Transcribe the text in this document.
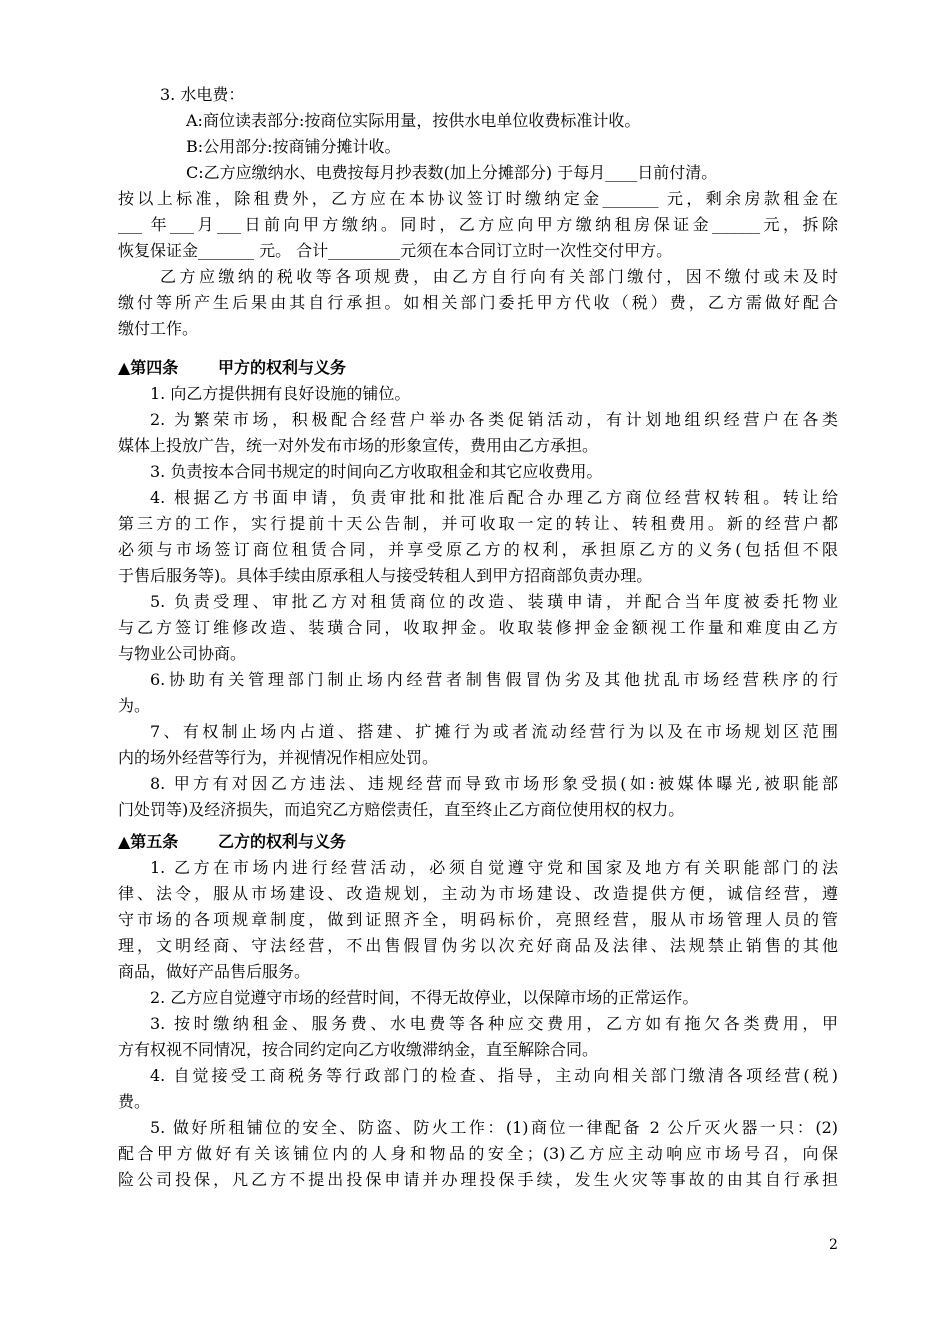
2
3. 水电费：
A:商位读表部分:按商位实际用量，按供水电单位收费标准计收。
B:公用部分:按商铺分摊计收。
C:乙方应缴纳水、电费按每月抄表数(加上分摊部分) 于每月____日前付清。
按以上标准，除租费外，乙方应在本协议签订时缴纳定金_______ 元，剩余房款租金在
___ 年___月___日前向甲方缴纳。同时，乙方应向甲方缴纳租房保证金______元，拆除
恢复保证金_______ 元。 合计_________元须在本合同订立时一次性交付甲方。
乙方应缴纳的税收等各项规费，由乙方自行向有关部门缴付，因不缴付或未及时
缴付等所产生后果由其自行承担。如相关部门委托甲方代收（税）费，乙方需做好配合
缴付工作。
▲第四条 甲方的权利与义务
1. 向乙方提供拥有良好设施的铺位。
2. 为繁荣市场，积极配合经营户举办各类促销活动，有计划地组织经营户在各类
媒体上投放广告，统一对外发布市场的形象宣传，费用由乙方承担。
3. 负责按本合同书规定的时间向乙方收取租金和其它应收费用。
4. 根据乙方书面申请，负责审批和批准后配合办理乙方商位经营权转租。转让给
第三方的工作，实行提前十天公告制，并可收取一定的转让、转租费用。新的经营户都
必须与市场签订商位租赁合同，并享受原乙方的权利，承担原乙方的义务(包括但不限
于售后服务等)。具体手续由原承租人与接受转租人到甲方招商部负责办理。
5. 负责受理、审批乙方对租赁商位的改造、装璜申请，并配合当年度被委托物业
与乙方签订维修改造、装璜合同，收取押金。收取装修押金金额视工作量和难度由乙方
与物业公司协商。
6.协助有关管理部门制止场内经营者制售假冒伪劣及其他扰乱市场经营秩序的行
为。
7、有权制止场内占道、搭建、扩摊行为或者流动经营行为以及在市场规划区范围
内的场外经营等行为，并视情况作相应处罚。
8. 甲方有对因乙方违法、违规经营而导致市场形象受损(如:被媒体曝光,被职能部
门处罚等)及经济损失，而追究乙方赔偿责任，直至终止乙方商位使用权的权力。
▲第五条 乙方的权利与义务
1. 乙方在市场内进行经营活动，必须自觉遵守党和国家及地方有关职能部门的法
律、法令，服从市场建设、改造规划，主动为市场建设、改造提供方便，诚信经营，遵
守市场的各项规章制度，做到证照齐全，明码标价，亮照经营，服从市场管理人员的管
理，文明经商、守法经营，不出售假冒伪劣以次充好商品及法律、法规禁止销售的其他
商品，做好产品售后服务。
2. 乙方应自觉遵守市场的经营时间，不得无故停业，以保障市场的正常运作。
3. 按时缴纳租金、服务费、水电费等各种应交费用，乙方如有拖欠各类费用，甲
方有权视不同情况，按合同约定向乙方收缴滞纳金，直至解除合同。
4. 自觉接受工商税务等行政部门的检查、指导，主动向相关部门缴清各项经营(税)
费。
5. 做好所租铺位的安全、防盗、防火工作：(1)商位一律配备 2 公斤灭火器一只：(2)
配合甲方做好有关该铺位内的人身和物品的安全；(3)乙方应主动响应市场号召，向保
险公司投保，凡乙方不提出投保申请并办理投保手续，发生火灾等事故的由其自行承担
